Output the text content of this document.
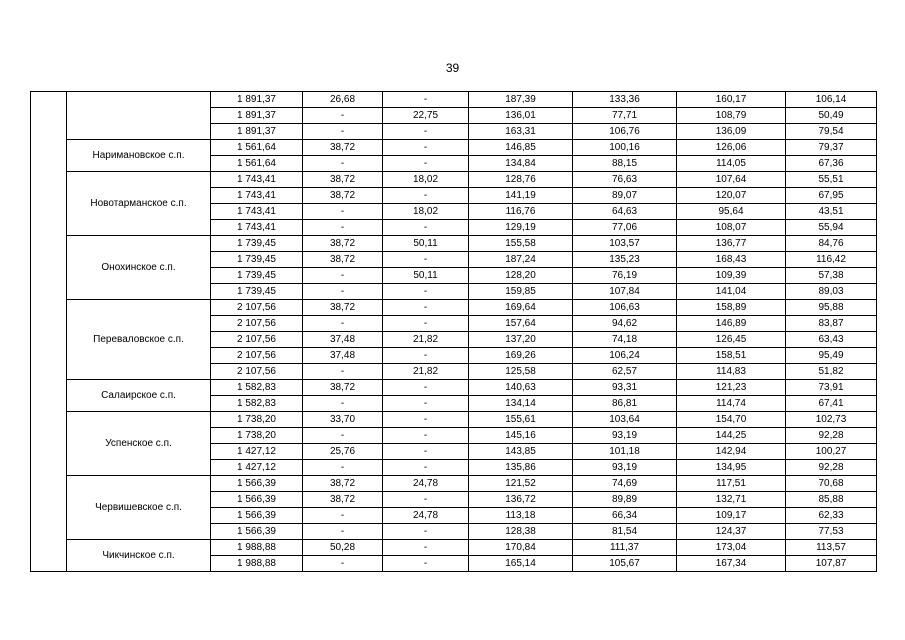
39
		1 891,37	26,68	-	187,39	133,36	160,17	106,14
		1 891,37	-	22,75	136,01	77,71	108,79	50,49
		1 891,37	-	-	163,31	106,76	136,09	79,54
	Наримановское с.п.	1 561,64	38,72	-	146,85	100,16	126,06	79,37
		1 561,64	-	-	134,84	88,15	114,05	67,36
	Новотарманское с.п.	1 743,41	38,72	18,02	128,76	76,63	107,64	55,51
		1 743,41	38,72	-	141,19	89,07	120,07	67,95
		1 743,41	-	18,02	116,76	64,63	95,64	43,51
		1 743,41	-	-	129,19	77,06	108,07	55,94
	Онохинское с.п.	1 739,45	38,72	50,11	155,58	103,57	136,77	84,76
		1 739,45	38,72	-	187,24	135,23	168,43	116,42
		1 739,45	-	50,11	128,20	76,19	109,39	57,38
		1 739,45	-	-	159,85	107,84	141,04	89,03
	Переваловское с.п.	2 107,56	38,72	-	169,64	106,63	158,89	95,88
		2 107,56	-	-	157,64	94,62	146,89	83,87
		2 107,56	37,48	21,82	137,20	74,18	126,45	63,43
		2 107,56	37,48	-	169,26	106,24	158,51	95,49
		2 107,56	-	21,82	125,58	62,57	114,83	51,82
	Салаирское с.п.	1 582,83	38,72	-	140,63	93,31	121,23	73,91
		1 582,83	-	-	134,14	86,81	114,74	67,41
	Успенское с.п.	1 738,20	33,70	-	155,61	103,64	154,70	102,73
		1 738,20	-	-	145,16	93,19	144,25	92,28
		1 427,12	25,76	-	143,85	101,18	142,94	100,27
		1 427,12	-	-	135,86	93,19	134,95	92,28
	Червишевское с.п.	1 566,39	38,72	24,78	121,52	74,69	117,51	70,68
		1 566,39	38,72	-	136,72	89,89	132,71	85,88
		1 566,39	-	24,78	113,18	66,34	109,17	62,33
		1 566,39	-	-	128,38	81,54	124,37	77,53
	Чикчинское с.п.	1 988,88	50,28	-	170,84	111,37	173,04	113,57
		1 988,88	-	-	165,14	105,67	167,34	107,87
